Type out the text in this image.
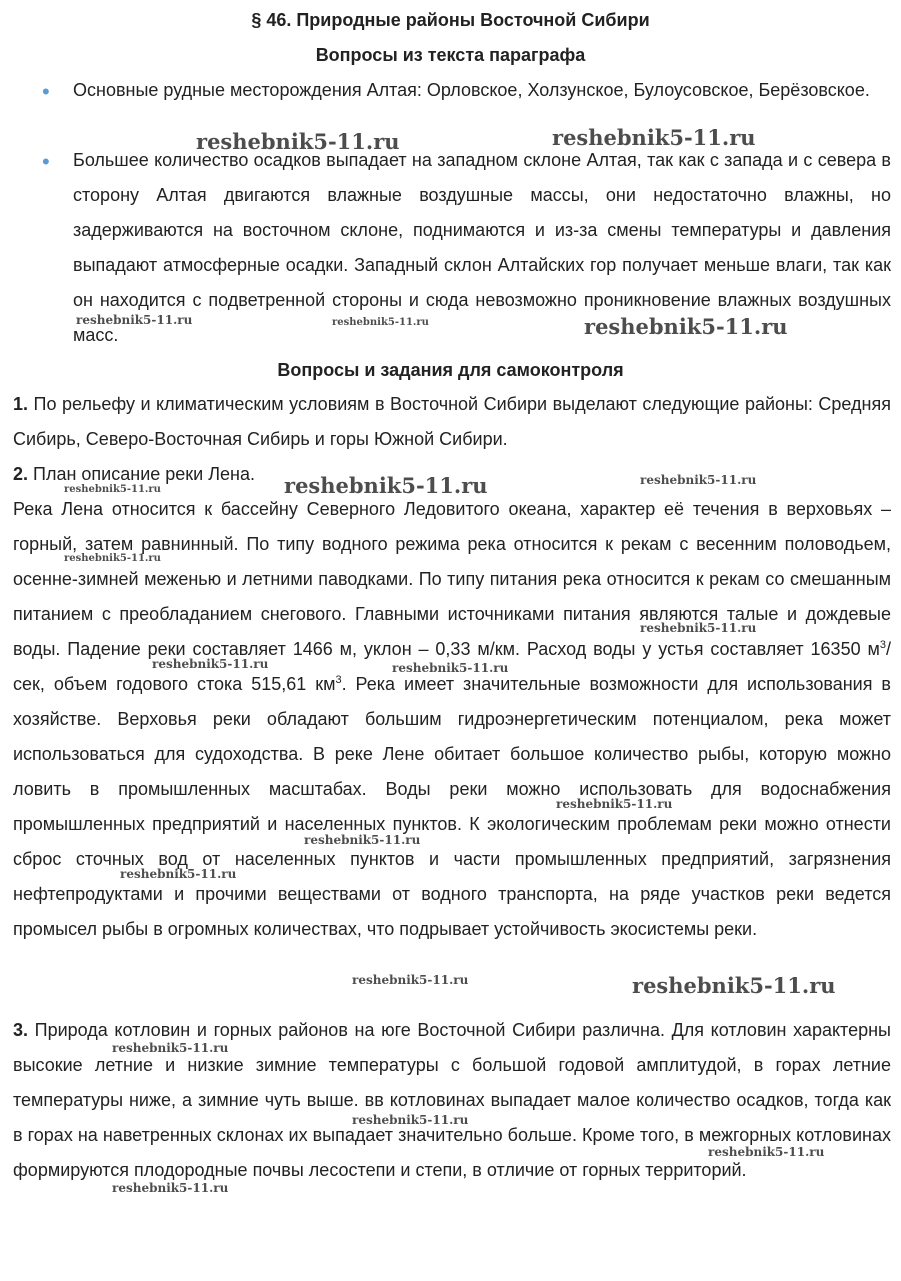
§ 46. Природные районы Восточной Сибири
Вопросы из текста параграфа
• Основные рудные месторождения Алтая: Орловское, Холзунское, Булоусовское, Берёзовское.
• Большее количество осадков выпадает на западном склоне Алтая, так как с запада и с севера в сторону Алтая двигаются влажные воздушные массы, они недостаточно влажны, но задерживаются на восточном склоне, поднимаются и из-за смены температуры и давления выпадают атмосферные осадки. Западный склон Алтайских гор получает меньше влаги, так как он находится с подветренной стороны и сюда невозможно проникновение влажных воздушных масс.
Вопросы и задания для самоконтроля
1. По рельефу и климатическим условиям в Восточной Сибири выделают следующие районы: Средняя Сибирь, Северо-Восточная Сибирь и горы Южной Сибири.
2. План описание реки Лена.
Река Лена относится к бассейну Северного Ледовитого океана, характер её течения в верховьях – горный, затем равнинный. По типу водного режима река относится к рекам с весенним половодьем, осенне-зимней меженью и летними паводками. По типу питания река относится к рекам со смешанным питанием с преобладанием снегового. Главными источниками питания являются талые и дождевые воды. Падение реки составляет 1466 м, уклон – 0,33 м/км. Расход воды у устья составляет 16350 $м^3$/сек, объем годового стока 515,61 $км^3$. Река имеет значительные возможности для использования в хозяйстве. Верховья реки обладают большим гидроэнергетическим потенциалом, река может использоваться для судоходства. В реке Лене обитает большое количество рыбы, которую можно ловить в промышленных масштабах. Воды реки можно использовать для водоснабжения промышленных предприятий и населенных пунктов. К экологическим проблемам реки можно отнести сброс сточных вод от населенных пунктов и части промышленных предприятий, загрязнения нефтепродуктами и прочими веществами от водного транспорта, на ряде участков реки ведется промысел рыбы в огромных количествах, что подрывает устойчивость экосистемы реки.
3. Природа котловин и горных районов на юге Восточной Сибири различна. Для котловин характерны высокие летние и низкие зимние температуры с большой годовой амплитудой, в горах летние температуры ниже, а зимние чуть выше. вв котловинах выпадает малое количество осадков, тогда как в горах на наветренных склонах их выпадает значительно больше. Кроме того, в межгорных котловинах формируются плодородные почвы лесостепи и степи, в отличие от горных территорий.
reshebnik5-11.ru	reshebnik5-11.ru
reshebnik5-11.ru	reshebnik5-11.ru	reshebnik5-11.ru
reshebnik5-11.ru	reshebnik5-11.ru	reshebnik5-11.ru
reshebnik5-11.ru
reshebnik5-11.ru
reshebnik5-11.ru	reshebnik5-11.ru
reshebnik5-11.ru
reshebnik5-11.ru
reshebnik5-11.ru
reshebnik5-11.ru	reshebnik5-11.ru
reshebnik5-11.ru
reshebnik5-11.ru
reshebnik5-11.ru
reshebnik5-11.ru
